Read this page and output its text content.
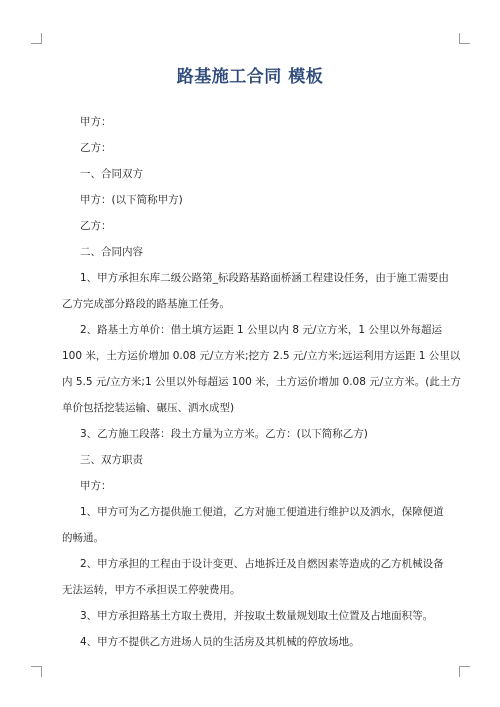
路基施工合同 模板
甲方：
乙方：
一、合同双方
甲方：(以下简称甲方)
乙方：
二、合同内容
1、甲方承担东库二级公路第_标段路基路面桥涵工程建设任务，由于施工需要由
乙方完成部分路段的路基施工任务。
2、路基土方单价：借土填方运距 1 公里以内 8 元/立方米，1 公里以外每超运
100 米，土方运价增加 0.08 元/立方米;挖方 2.5 元/立方米;远运利用方运距 1 公里以
内 5.5 元/立方米;1 公里以外每超运 100 米，土方运价增加 0.08 元/立方米。(此土方
单价包括挖装运输、碾压、洒水成型)
3、乙方施工段落：段土方量为立方米。乙方：(以下简称乙方)
三、双方职责
甲方：
1、甲方可为乙方提供施工便道，乙方对施工便道进行维护以及洒水，保障便道
的畅通。
2、甲方承担的工程由于设计变更、占地拆迁及自燃因素等造成的乙方机械设备
无法运转，甲方不承担误工停驶费用。
3、甲方承担路基土方取土费用，并按取土数量规划取土位置及占地面积等。
4、甲方不提供乙方进场人员的生活房及其机械的停放场地。
